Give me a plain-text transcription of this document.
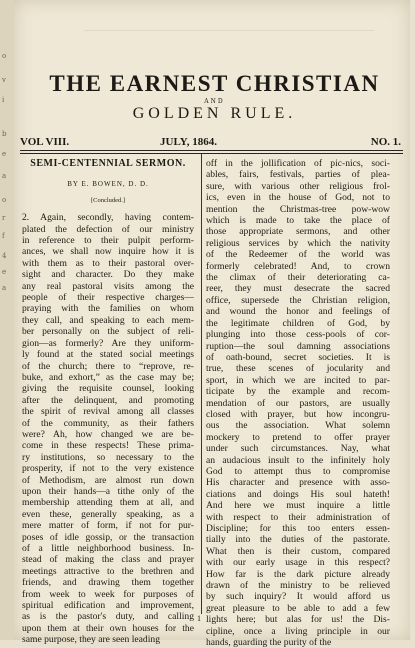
o
v
i
b
e
a
o
r
f
4
e
a
THE EARNEST CHRISTIAN
AND
GOLDEN RULE.
VOL VIII.	JULY, 1864.	NO. 1.

SEMI-CENTENNIAL SERMON.

BY E. BOWEN, D. D.

[Concluded.]

2. Again, secondly, having contem-
plated the defection of our ministry
in reference to their pulpit perform-
ances, we shall now inquire how it is
with them as to their pastoral over-
sight and character. Do they make
any real pastoral visits among the
people of their respective charges—
praying with the families on whom
they call, and speaking to each mem-
ber personally on the subject of reli-
gion—as formerly? Are they uniform-
ly found at the stated social meetings
of the church; there to “reprove, re-
buke, and exhort,” as the case may be;
giving the requisite counsel, looking
after the delinquent, and promoting
the spirit of revival among all classes
of the community, as their fathers
were? Ah, how changed we are be-
come in these respects! These prima-
ry institutions, so necessary to the
prosperity, if not to the very existence
of Methodism, are almost run down
upon their hands—a tithe only of the
membership attending them at all, and
even these, generally speaking, as a
mere matter of form, if not for pur-
poses of idle gossip, or the transaction
of a little neighborhood business. In-
stead of making the class and prayer
meetings attractive to the brethren and
friends, and drawing them together
from week to week for purposes of
spiritual edification and improvement,
as is the pastor's duty, and calling
upon them at their own houses for the
same purpose, they are seen leading
off in the jollification of pic-nics, soci-
ables, fairs, festivals, parties of plea-
sure, with various other religious frol-
ics, even in the house of God, not to
mention the Christmas-tree pow-wow
which is made to take the place of
those appropriate sermons, and other
religious services by which the nativity
of the Redeemer of the world was
formerly celebrated! And, to crown
the climax of their deteriorating ca-
reer, they must desecrate the sacred
office, supersede the Christian religion,
and wound the honor and feelings of
the legitimate children of God, by
plunging into those cess-pools of cor-
ruption—the soul damning associations
of oath-bound, secret societies. It is
true, these scenes of jocularity and
sport, in which we are incited to par-
ticipate by the example and recom-
mendation of our pastors, are usually
closed with prayer, but how incongru-
ous the association. What solemn
mockery to pretend to offer prayer
under such circumstances. Nay, what
an audacious insult to the infinitely holy
God to attempt thus to compromise
His character and presence with asso-
ciations and doings His soul hateth!
And here we must inquire a little
with respect to their administration of
Discipline; for this too enters essen-
tially into the duties of the pastorate.
What then is their custom, compared
with our early usage in this respect?
How far is the dark picture already
drawn of the ministry to be relieved
by such inquiry? It would afford us
great pleasure to be able to add a few
lights here; but alas for us! the Dis-
cipline, once a living principle in our
hands, guarding the purity of the
1
